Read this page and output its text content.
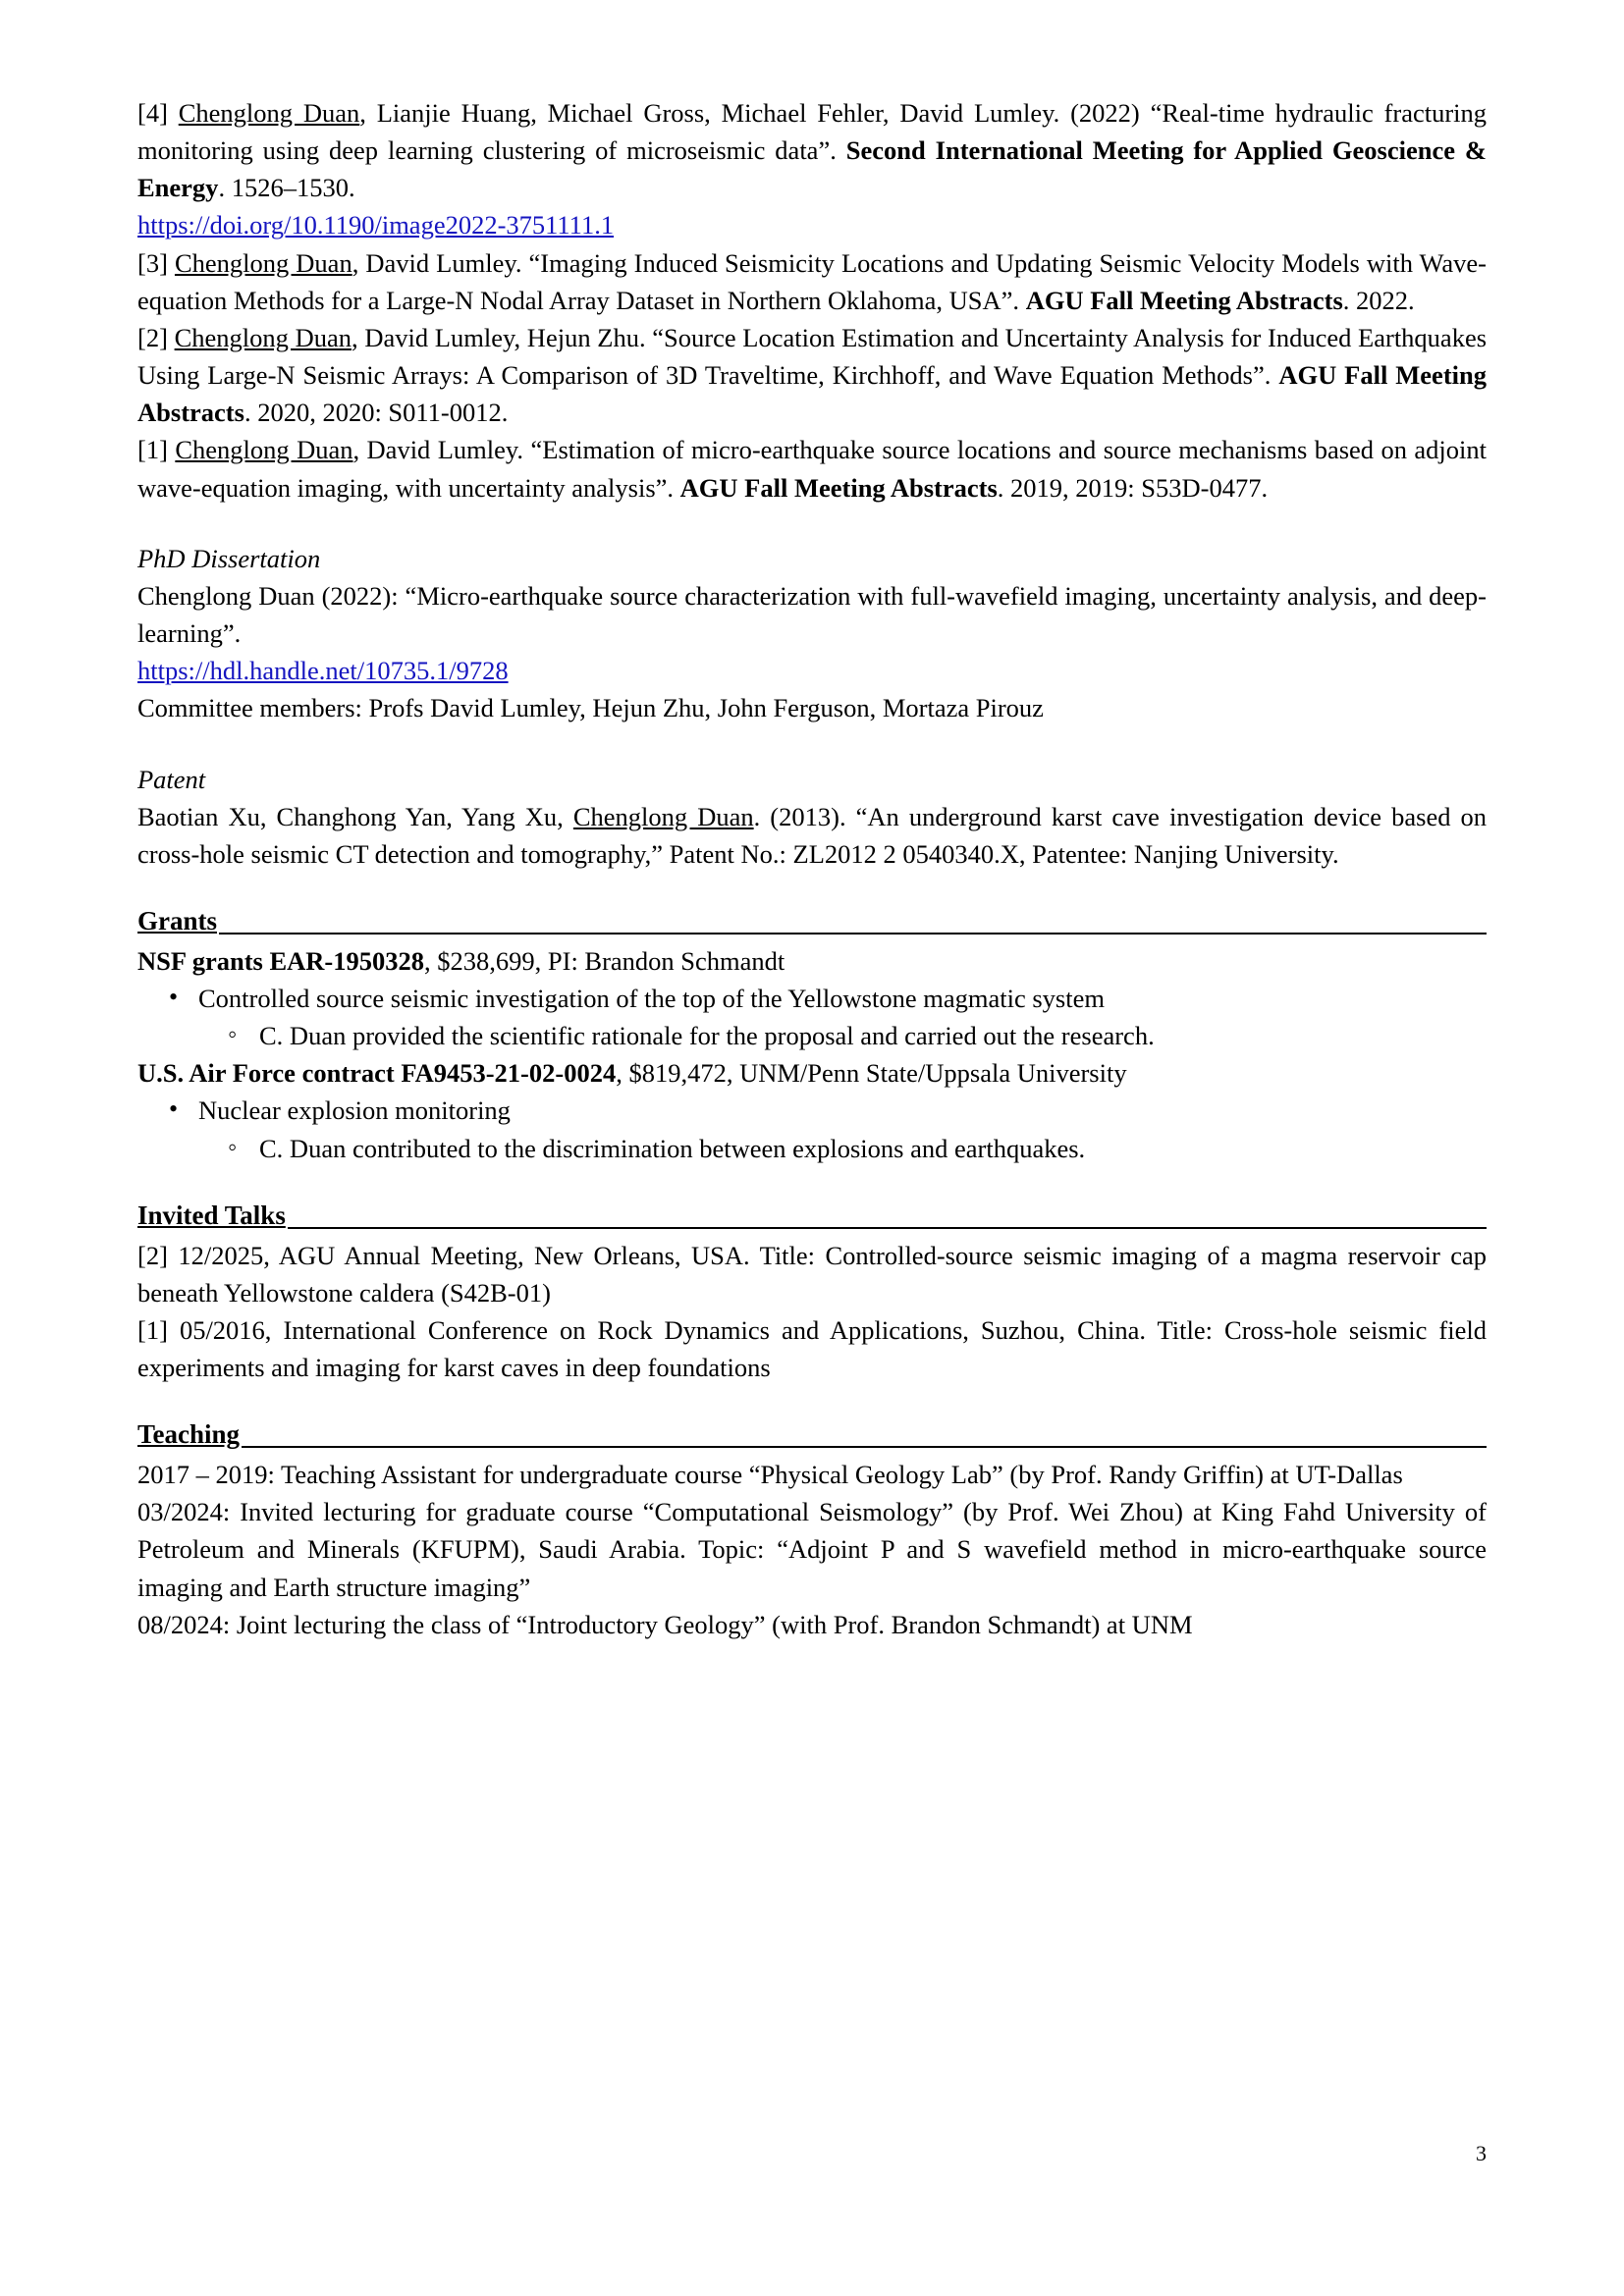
[4] Chenglong Duan, Lianjie Huang, Michael Gross, Michael Fehler, David Lumley. (2022) “Real-time hydraulic fracturing monitoring using deep learning clustering of microseismic data”. Second International Meeting for Applied Geoscience & Energy. 1526–1530.

https://doi.org/10.1190/image2022-3751111.1

[3] Chenglong Duan, David Lumley. “Imaging Induced Seismicity Locations and Updating Seismic Velocity Models with Wave-equation Methods for a Large-N Nodal Array Dataset in Northern Oklahoma, USA”. AGU Fall Meeting Abstracts. 2022.

[2] Chenglong Duan, David Lumley, Hejun Zhu. “Source Location Estimation and Uncertainty Analysis for Induced Earthquakes Using Large-N Seismic Arrays: A Comparison of 3D Traveltime, Kirchhoff, and Wave Equation Methods”. AGU Fall Meeting Abstracts. 2020, 2020: S011-0012.

[1] Chenglong Duan, David Lumley. “Estimation of micro-earthquake source locations and source mechanisms based on adjoint wave-equation imaging, with uncertainty analysis”. AGU Fall Meeting Abstracts. 2019, 2019: S53D-0477.

PhD Dissertation

Chenglong Duan (2022): “Micro-earthquake source characterization with full-wavefield imaging, uncertainty analysis, and deep-learning”.

https://hdl.handle.net/10735.1/9728

Committee members: Profs David Lumley, Hejun Zhu, John Ferguson, Mortaza Pirouz

Patent

Baotian Xu, Changhong Yan, Yang Xu, Chenglong Duan. (2013). “An underground karst cave investigation device based on cross-hole seismic CT detection and tomography,” Patent No.: ZL2012 2 0540340.X, Patentee: Nanjing University.

Grants

NSF grants EAR-1950328, $238,699, PI: Brandon Schmandt

• Controlled source seismic investigation of the top of the Yellowstone magmatic system
◦ C. Duan provided the scientific rationale for the proposal and carried out the research.

U.S. Air Force contract FA9453-21-02-0024, $819,472, UNM/Penn State/Uppsala University

• Nuclear explosion monitoring
◦ C. Duan contributed to the discrimination between explosions and earthquakes.
Invited Talks

[2] 12/2025, AGU Annual Meeting, New Orleans, USA. Title: Controlled-source seismic imaging of a magma reservoir cap beneath Yellowstone caldera (S42B-01)

[1] 05/2016, International Conference on Rock Dynamics and Applications, Suzhou, China. Title: Cross-hole seismic field experiments and imaging for karst caves in deep foundations

Teaching

2017 – 2019: Teaching Assistant for undergraduate course “Physical Geology Lab” (by Prof. Randy Griffin) at UT-Dallas

03/2024: Invited lecturing for graduate course “Computational Seismology” (by Prof. Wei Zhou) at King Fahd University of Petroleum and Minerals (KFUPM), Saudi Arabia. Topic: “Adjoint P and S wavefield method in micro-earthquake source imaging and Earth structure imaging”

08/2024: Joint lecturing the class of “Introductory Geology” (with Prof. Brandon Schmandt) at UNM

3
